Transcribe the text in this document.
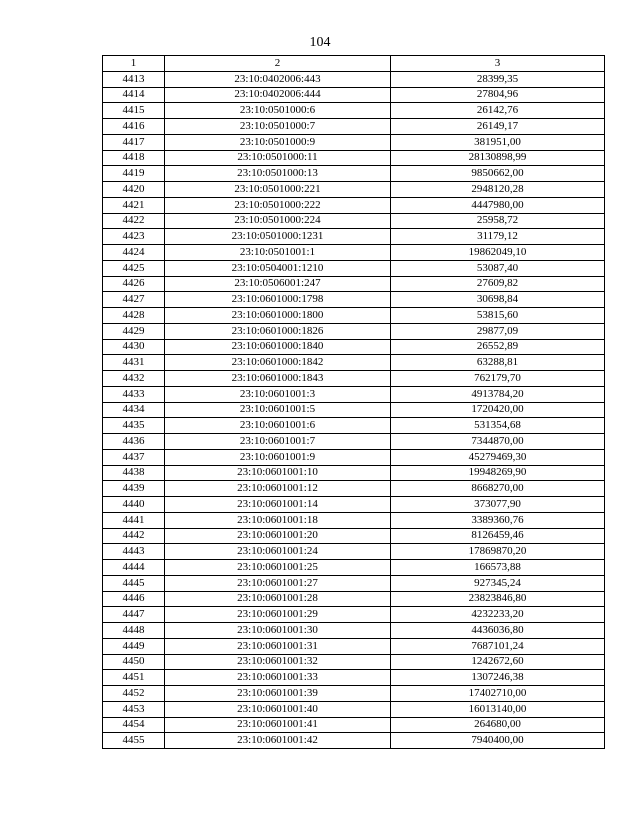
104
1	2	3
4413	23:10:0402006:443	28399,35
4414	23:10:0402006:444	27804,96
4415	23:10:0501000:6	26142,76
4416	23:10:0501000:7	26149,17
4417	23:10:0501000:9	381951,00
4418	23:10:0501000:11	28130898,99
4419	23:10:0501000:13	9850662,00
4420	23:10:0501000:221	2948120,28
4421	23:10:0501000:222	4447980,00
4422	23:10:0501000:224	25958,72
4423	23:10:0501000:1231	31179,12
4424	23:10:0501001:1	19862049,10
4425	23:10:0504001:1210	53087,40
4426	23:10:0506001:247	27609,82
4427	23:10:0601000:1798	30698,84
4428	23:10:0601000:1800	53815,60
4429	23:10:0601000:1826	29877,09
4430	23:10:0601000:1840	26552,89
4431	23:10:0601000:1842	63288,81
4432	23:10:0601000:1843	762179,70
4433	23:10:0601001:3	4913784,20
4434	23:10:0601001:5	1720420,00
4435	23:10:0601001:6	531354,68
4436	23:10:0601001:7	7344870,00
4437	23:10:0601001:9	45279469,30
4438	23:10:0601001:10	19948269,90
4439	23:10:0601001:12	8668270,00
4440	23:10:0601001:14	373077,90
4441	23:10:0601001:18	3389360,76
4442	23:10:0601001:20	8126459,46
4443	23:10:0601001:24	17869870,20
4444	23:10:0601001:25	166573,88
4445	23:10:0601001:27	927345,24
4446	23:10:0601001:28	23823846,80
4447	23:10:0601001:29	4232233,20
4448	23:10:0601001:30	4436036,80
4449	23:10:0601001:31	7687101,24
4450	23:10:0601001:32	1242672,60
4451	23:10:0601001:33	1307246,38
4452	23:10:0601001:39	17402710,00
4453	23:10:0601001:40	16013140,00
4454	23:10:0601001:41	264680,00
4455	23:10:0601001:42	7940400,00
